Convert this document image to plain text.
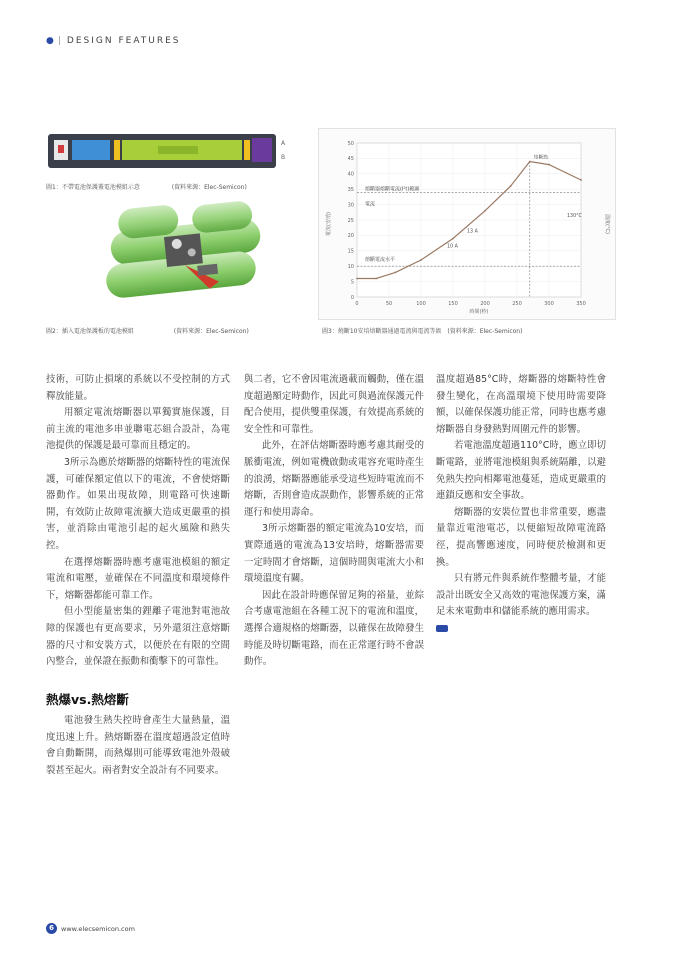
● | DESIGN FEATURES
A
B
圖1：不帶電池保護蓋電池模組示意	(資料來源：Elec-Semicon)
圖2：插入電池保護板的電池模組	(資料來源：Elec-Semicon)
0	50	100	150	200	250	300	350
0
5
10
15
20
25
30
35
40
45
50
熔斷器熔斷電流(I²t)範圍
電流
熔斷電流水平
10 A
13 A
130°C
熔斷點
時間(秒)
電流(安培)	溫度(°C)
圖3：燒斷10安培熔斷器通過電流與電流等級 (資料來源：Elec-Semicon)

技術，可防止損壞的系統以不受控制的方式釋放能量。

用額定電流熔斷器以單獨實施保護，目前主流的電池多串並聯電芯組合設計，為電池提供的保護是最可靠而且穩定的。

3所示為應於熔斷器的熔斷特性的電流保護，可確保額定值以下的電流，不會使熔斷器動作。如果出現故障，則電路可快速斷開，有效防止故障電流擴大造成更嚴重的損害，並消除由電池引起的起火風險和熱失控。

在選擇熔斷器時應考慮電池模組的額定電流和電壓，並確保在不同溫度和環境條件下，熔斷器都能可靠工作。

但小型能量密集的鋰離子電池對電池故障的保護也有更高要求，另外還須注意熔斷器的尺寸和安裝方式，以便於在有限的空間內整合，並保證在振動和衝擊下的可靠性。

熱爆vs.熱熔斷

電池發生熱失控時會產生大量熱量，溫度迅速上升。熱熔斷器在溫度超過設定值時會自動斷開，而熱爆則可能導致電池外殼破裂甚至起火。兩者對安全設計有不同要求。

與二者，它不會因電流過載而觸動，僅在溫度超過額定時動作，因此可與過流保護元件配合使用，提供雙重保護，有效提高系統的安全性和可靠性。

此外，在評估熔斷器時應考慮其耐受的脈衝電流，例如電機啟動或電容充電時產生的浪湧，熔斷器應能承受這些短時電流而不熔斷，否則會造成誤動作，影響系統的正常運行和使用壽命。

3所示熔斷器的額定電流為10安培，而實際通過的電流為13安培時，熔斷器需要一定時間才會熔斷，這個時間與電流大小和環境溫度有關。

因此在設計時應保留足夠的裕量，並綜合考慮電池組在各種工況下的電流和溫度，選擇合適規格的熔斷器，以確保在故障發生時能及時切斷電路，而在正常運行時不會誤動作。

溫度超過85°C時，熔斷器的熔斷特性會發生變化，在高溫環境下使用時需要降額，以確保保護功能正常，同時也應考慮熔斷器自身發熱對周圍元件的影響。

若電池溫度超過110°C時，應立即切斷電路，並將電池模組與系統隔離，以避免熱失控向相鄰電池蔓延，造成更嚴重的連鎖反應和安全事故。

熔斷器的安裝位置也非常重要，應盡量靠近電池電芯，以便縮短故障電流路徑，提高響應速度，同時便於檢測和更換。

只有將元件與系統作整體考量，才能設計出既安全又高效的電池保護方案，滿足未來電動車和儲能系統的應用需求。

6	www.elecsemicon.com
